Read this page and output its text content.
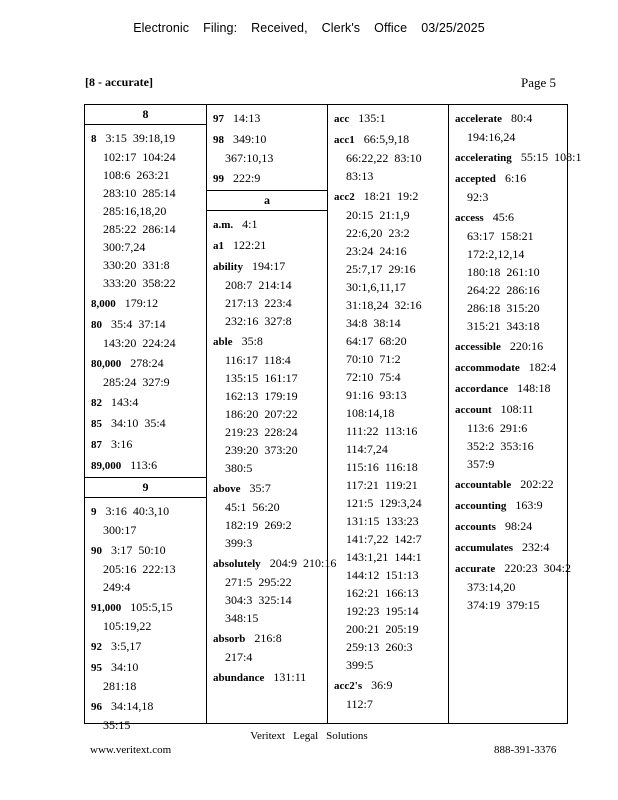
Electronic Filing: Received, Clerk's Office 03/25/2025
[8 - accurate]	Page 5
8
8 3:15  39:18,19
102:17  104:24
108:6  263:21
283:10  285:14
285:16,18,20
285:22  286:14
300:7,24
330:20  331:8
333:20  358:22
8,000 179:12
80 35:4  37:14
143:20  224:24
80,000 278:24
285:24  327:9
82 143:4
85 34:10  35:4
87 3:16
89,000 113:6
9
9 3:16  40:3,10
300:17
90 3:17  50:10
205:16  222:13
249:4
91,000 105:5,15
105:19,22
92 3:5,17
95 34:10
281:18
96 34:14,18
35:15
97 14:13
98 349:10
367:10,13
99 222:9
a
a.m. 4:1
a1 122:21
ability 194:17
208:7  214:14
217:13  223:4
232:16  327:8
able 35:8
116:17  118:4
135:15  161:17
162:13  179:19
186:20  207:22
219:23  228:24
239:20  373:20
380:5
above 35:7
45:1  56:20
182:19  269:2
399:3
absolutely 204:9  210:16
271:5  295:22
304:3  325:14
348:15
absorb 216:8
217:4
abundance 131:11
acc 135:1
acc1 66:5,9,18
66:22,22  83:10
83:13
acc2 18:21  19:2
20:15  21:1,9
22:6,20  23:2
23:24  24:16
25:7,17  29:16
30:1,6,11,17
31:18,24  32:16
34:8  38:14
64:17  68:20
70:10  71:2
72:10  75:4
91:16  93:13
108:14,18
111:22  113:16
114:7,24
115:16  116:18
117:21  119:21
121:5  129:3,24
131:15  133:23
141:7,22  142:7
143:1,21  144:1
144:12  151:13
162:21  166:13
192:23  195:14
200:21  205:19
259:13  260:3
399:5
acc2's 36:9
112:7
accelerate 80:4
194:16,24
accelerating 55:15  108:1
accepted 6:16
92:3
access 45:6
63:17  158:21
172:2,12,14
180:18  261:10
264:22  286:16
286:18  315:20
315:21  343:18
accessible 220:16
accommodate 182:4
accordance 148:18
account 108:11
113:6  291:6
352:2  353:16
357:9
accountable 202:22
accounting 163:9
accounts 98:24
accumulates 232:4
accurate 220:23  304:2
373:14,20
374:19  379:15
Veritext Legal Solutions
www.veritext.com	888-391-3376
